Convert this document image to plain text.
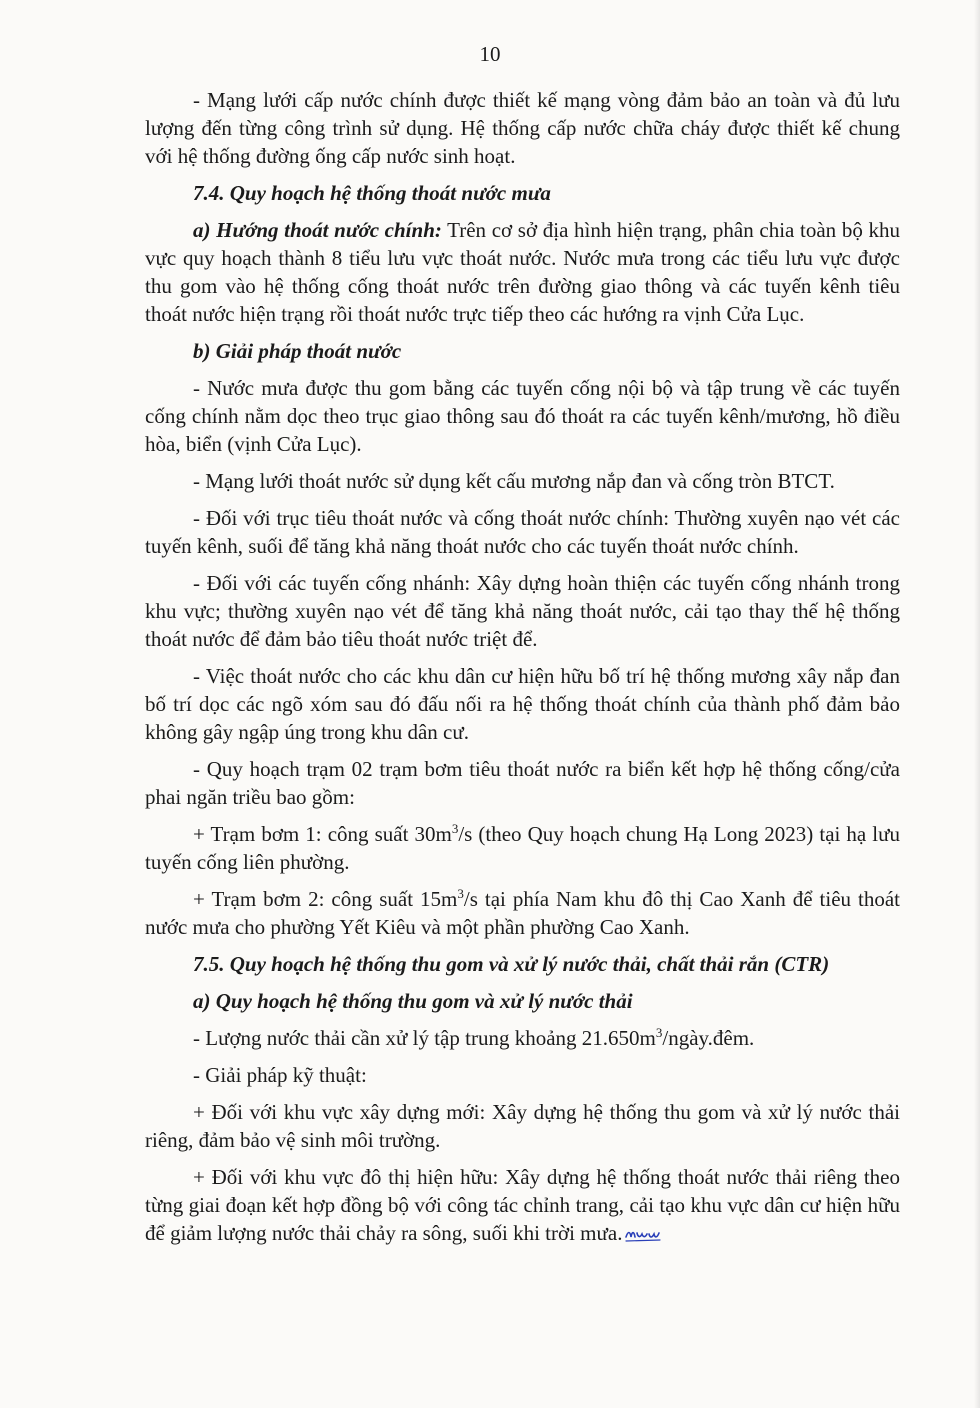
10

- Mạng lưới cấp nước chính được thiết kế mạng vòng đảm bảo an toàn và đủ lưu lượng đến từng công trình sử dụng. Hệ thống cấp nước chữa cháy được thiết kế chung với hệ thống đường ống cấp nước sinh hoạt.

7.4. Quy hoạch hệ thống thoát nước mưa

a) Hướng thoát nước chính: Trên cơ sở địa hình hiện trạng, phân chia toàn bộ khu vực quy hoạch thành 8 tiểu lưu vực thoát nước. Nước mưa trong các tiểu lưu vực được thu gom vào hệ thống cống thoát nước trên đường giao thông và các tuyến kênh tiêu thoát nước hiện trạng rồi thoát nước trực tiếp theo các hướng ra vịnh Cửa Lục.

b) Giải pháp thoát nước

- Nước mưa được thu gom bằng các tuyến cống nội bộ và tập trung về các tuyến cống chính nằm dọc theo trục giao thông sau đó thoát ra các tuyến kênh/mương, hồ điều hòa, biển (vịnh Cửa Lục).

- Mạng lưới thoát nước sử dụng kết cấu mương nắp đan và cống tròn BTCT.

- Đối với trục tiêu thoát nước và cống thoát nước chính: Thường xuyên nạo vét các tuyến kênh, suối để tăng khả năng thoát nước cho các tuyến thoát nước chính.

- Đối với các tuyến cống nhánh: Xây dựng hoàn thiện các tuyến cống nhánh trong khu vực; thường xuyên nạo vét để tăng khả năng thoát nước, cải tạo thay thế hệ thống thoát nước để đảm bảo tiêu thoát nước triệt để.

- Việc thoát nước cho các khu dân cư hiện hữu bố trí hệ thống mương xây nắp đan bố trí dọc các ngõ xóm sau đó đấu nối ra hệ thống thoát chính của thành phố đảm bảo không gây ngập úng trong khu dân cư.

- Quy hoạch trạm 02 trạm bơm tiêu thoát nước ra biển kết hợp hệ thống cống/cửa phai ngăn triều bao gồm:

+ Trạm bơm 1: công suất $30m^3/s$ (theo Quy hoạch chung Hạ Long 2023) tại hạ lưu tuyến cống liên phường.

+ Trạm bơm 2: công suất $15m^3/s$ tại phía Nam khu đô thị Cao Xanh để tiêu thoát nước mưa cho phường Yết Kiêu và một phần phường Cao Xanh.

7.5. Quy hoạch hệ thống thu gom và xử lý nước thải, chất thải rắn (CTR)

a) Quy hoạch hệ thống thu gom và xử lý nước thải

- Lượng nước thải cần xử lý tập trung khoảng $21.650m^3/ngày.đêm$.

- Giải pháp kỹ thuật:

+ Đối với khu vực xây dựng mới: Xây dựng hệ thống thu gom và xử lý nước thải riêng, đảm bảo vệ sinh môi trường.

+ Đối với khu vực đô thị hiện hữu: Xây dựng hệ thống thoát nước thải riêng theo từng giai đoạn kết hợp đồng bộ với công tác chỉnh trang, cải tạo khu vực dân cư hiện hữu để giảm lượng nước thải chảy ra sông, suối khi trời mưa.
